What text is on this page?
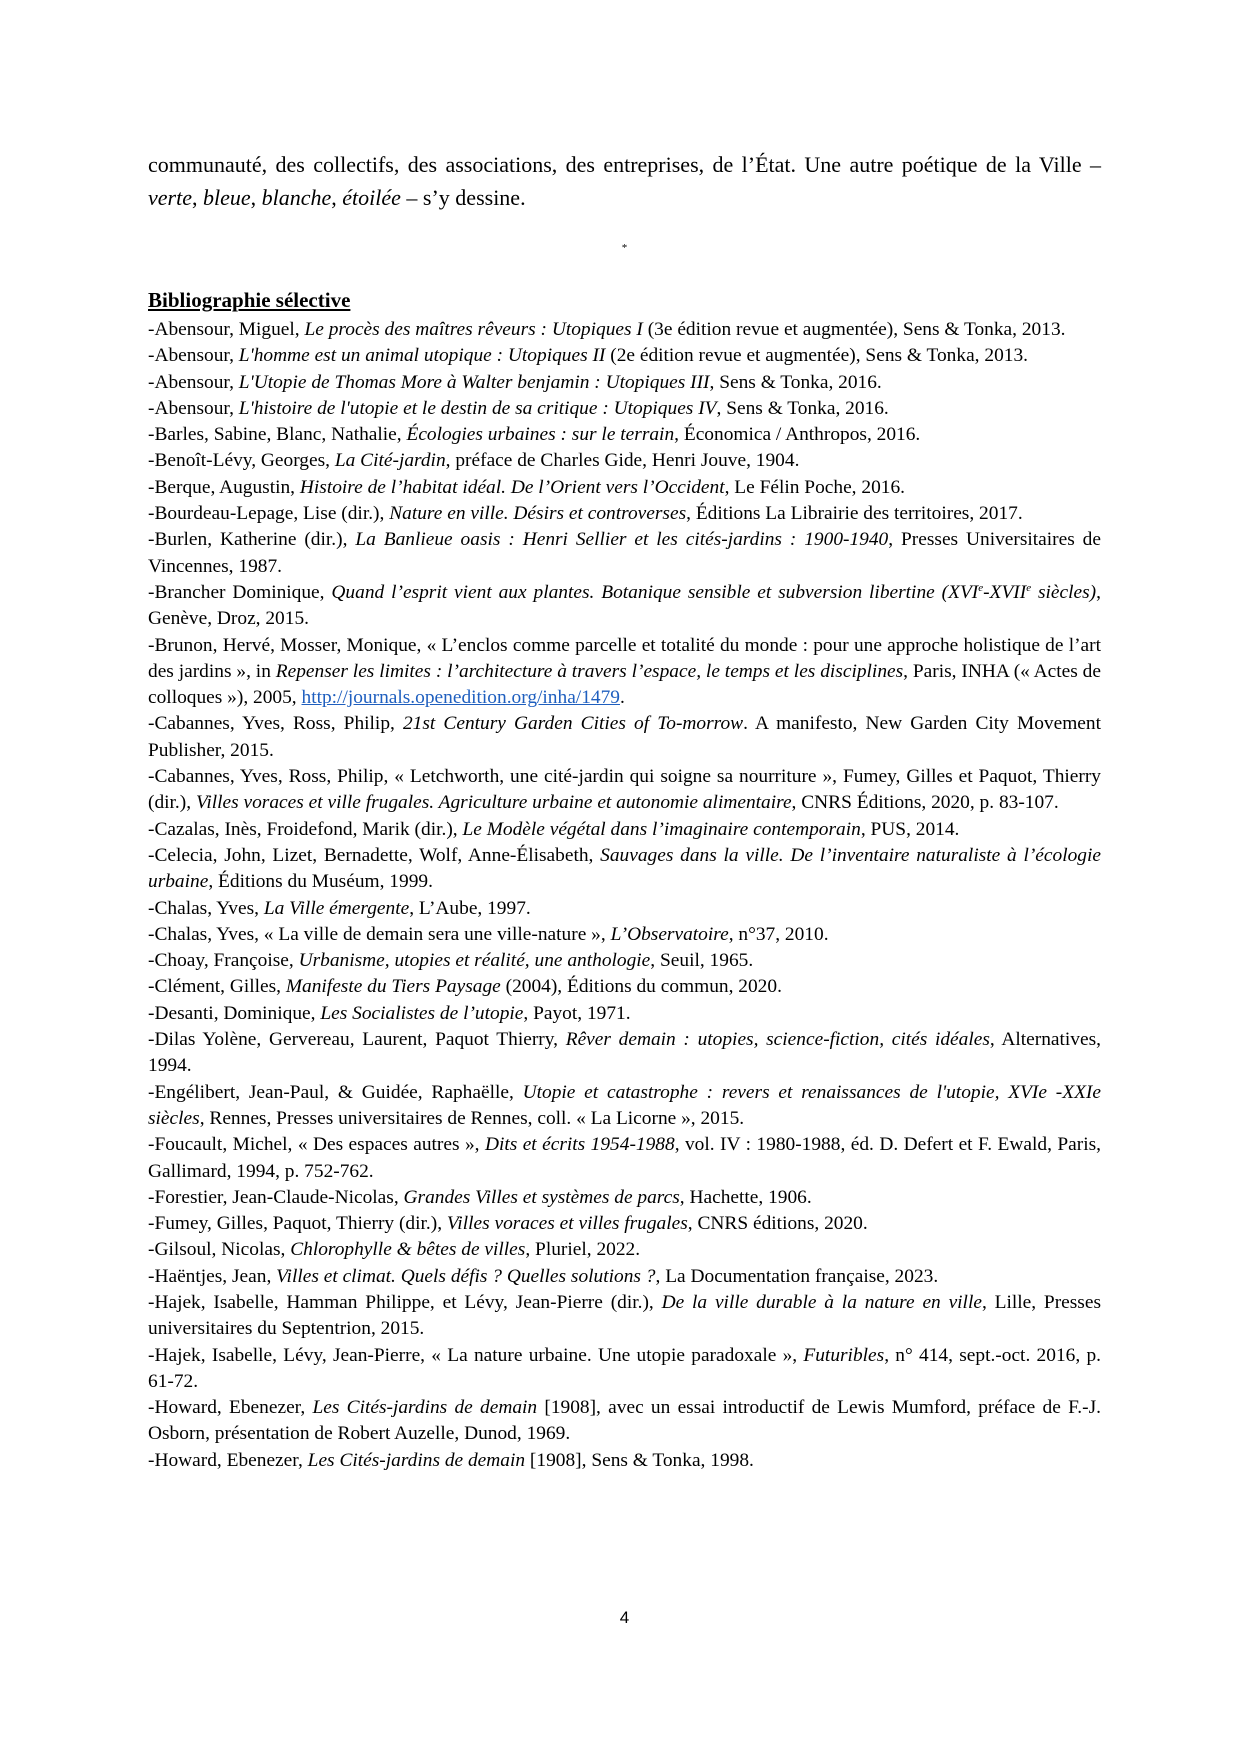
communauté, des collectifs, des associations, des entreprises, de l’État. Une autre poétique de la Ville – verte, bleue, blanche, étoilée – s’y dessine.

*
Bibliographie sélective

-Abensour, Miguel, Le procès des maîtres rêveurs : Utopiques I (3e édition revue et augmentée), Sens & Tonka, 2013.

-Abensour, L'homme est un animal utopique : Utopiques II (2e édition revue et augmentée), Sens & Tonka, 2013.

-Abensour, L'Utopie de Thomas More à Walter benjamin : Utopiques III, Sens & Tonka, 2016.

-Abensour, L'histoire de l'utopie et le destin de sa critique : Utopiques IV, Sens & Tonka, 2016.

-Barles, Sabine, Blanc, Nathalie, Écologies urbaines : sur le terrain, Économica / Anthropos, 2016.

-Benoît-Lévy, Georges, La Cité-jardin, préface de Charles Gide, Henri Jouve, 1904.

-Berque, Augustin, Histoire de l’habitat idéal. De l’Orient vers l’Occident, Le Félin Poche, 2016.

-Bourdeau-Lepage, Lise (dir.), Nature en ville. Désirs et controverses, Éditions La Librairie des territoires, 2017.

-Burlen, Katherine (dir.), La Banlieue oasis : Henri Sellier et les cités-jardins : 1900-1940, Presses Universitaires de Vincennes, 1987.

-Brancher Dominique, Quand l’esprit vient aux plantes. Botanique sensible et subversion libertine (XVIe-XVIIe siècles), Genève, Droz, 2015.

-Brunon, Hervé, Mosser, Monique, « L’enclos comme parcelle et totalité du monde : pour une approche holistique de l’art des jardins », in Repenser les limites : l’architecture à travers l’espace, le temps et les disciplines, Paris, INHA (« Actes de colloques »), 2005, http://journals.openedition.org/inha/1479.

-Cabannes, Yves, Ross, Philip, 21st Century Garden Cities of To-morrow. A manifesto, New Garden City Movement Publisher, 2015.

-Cabannes, Yves, Ross, Philip, « Letchworth, une cité-jardin qui soigne sa nourriture », Fumey, Gilles et Paquot, Thierry (dir.), Villes voraces et ville frugales. Agriculture urbaine et autonomie alimentaire, CNRS Éditions, 2020, p. 83-107.

-Cazalas, Inès, Froidefond, Marik (dir.), Le Modèle végétal dans l’imaginaire contemporain, PUS, 2014.

-Celecia, John, Lizet, Bernadette, Wolf, Anne-Élisabeth, Sauvages dans la ville. De l’inventaire naturaliste à l’écologie urbaine, Éditions du Muséum, 1999.

-Chalas, Yves, La Ville émergente, L’Aube, 1997.

-Chalas, Yves, « La ville de demain sera une ville-nature », L’Observatoire, n°37, 2010.

-Choay, Françoise, Urbanisme, utopies et réalité, une anthologie, Seuil, 1965.

-Clément, Gilles, Manifeste du Tiers Paysage (2004), Éditions du commun, 2020.

-Desanti, Dominique, Les Socialistes de l’utopie, Payot, 1971.

-Dilas Yolène, Gervereau, Laurent, Paquot Thierry, Rêver demain : utopies, science-fiction, cités idéales, Alternatives, 1994.

-Engélibert, Jean-Paul, & Guidée, Raphaëlle, Utopie et catastrophe : revers et renaissances de l'utopie, XVIe -XXIe siècles, Rennes, Presses universitaires de Rennes, coll. « La Licorne », 2015.

-Foucault, Michel, « Des espaces autres », Dits et écrits 1954-1988, vol. IV : 1980-1988, éd. D. Defert et F. Ewald, Paris, Gallimard, 1994, p. 752-762.

-Forestier, Jean-Claude-Nicolas, Grandes Villes et systèmes de parcs, Hachette, 1906.

-Fumey, Gilles, Paquot, Thierry (dir.), Villes voraces et villes frugales, CNRS éditions, 2020.

-Gilsoul, Nicolas, Chlorophylle & bêtes de villes, Pluriel, 2022.

-Haëntjes, Jean, Villes et climat. Quels défis ? Quelles solutions ?, La Documentation française, 2023.

-Hajek, Isabelle, Hamman Philippe, et Lévy, Jean-Pierre (dir.), De la ville durable à la nature en ville, Lille, Presses universitaires du Septentrion, 2015.

-Hajek, Isabelle, Lévy, Jean-Pierre, « La nature urbaine. Une utopie paradoxale », Futuribles, n° 414, sept.-oct. 2016, p. 61-72.

-Howard, Ebenezer, Les Cités-jardins de demain [1908], avec un essai introductif de Lewis Mumford, préface de F.-J. Osborn, présentation de Robert Auzelle, Dunod, 1969.

-Howard, Ebenezer, Les Cités-jardins de demain [1908], Sens & Tonka, 1998.

4
